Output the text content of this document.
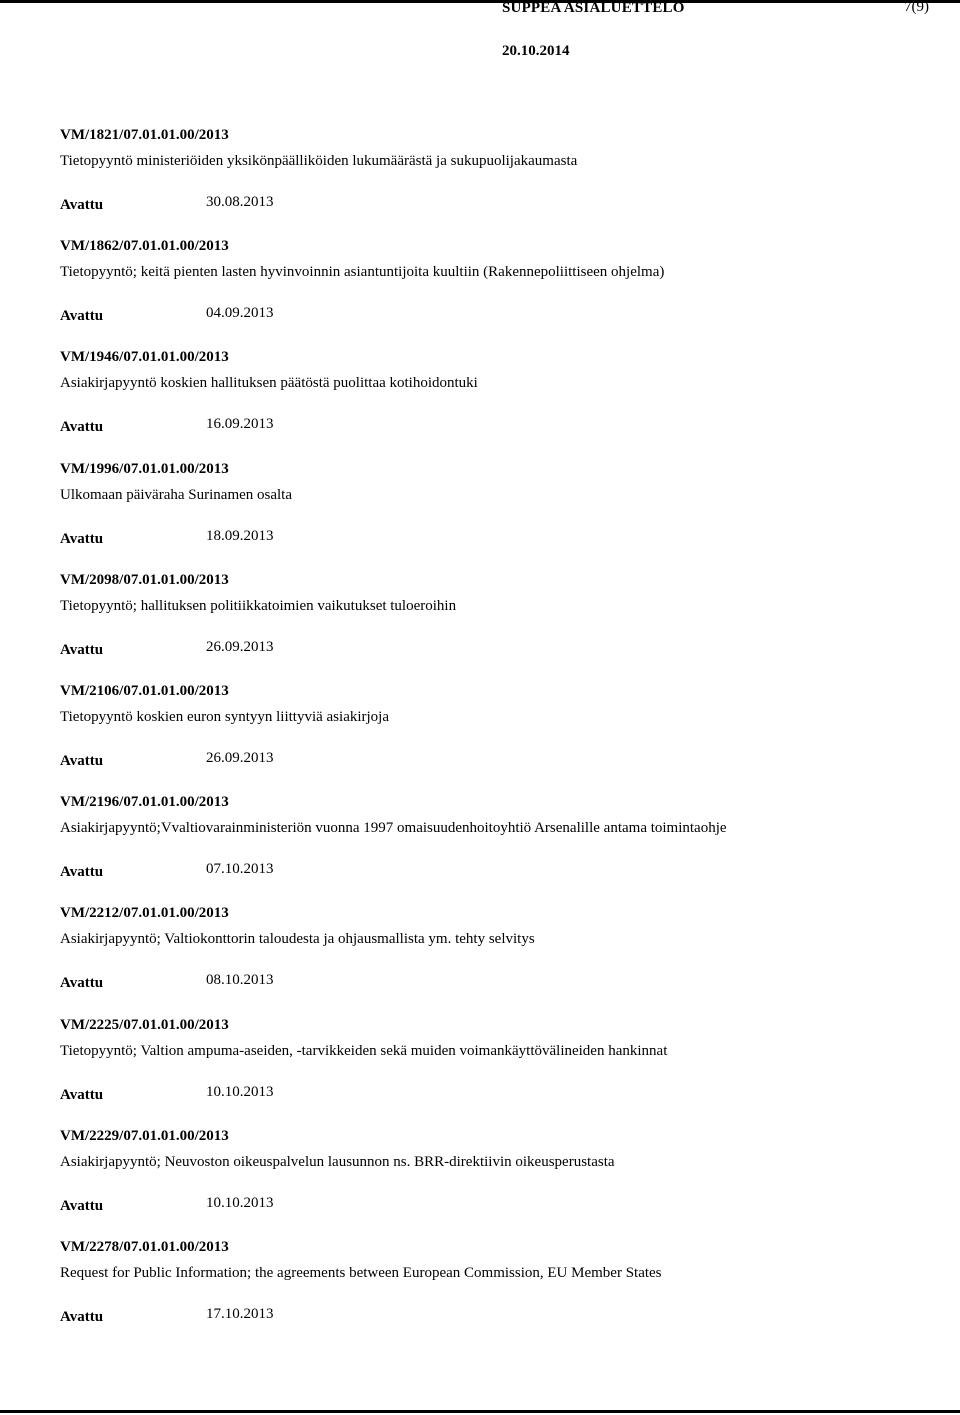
SUPPEA ASIALUETTELO	7(9)
20.10.2014
VM/1821/07.01.01.00/2013
Tietopyyntö ministeriöiden yksikönpäälliköiden lukumäärästä ja sukupuolijakaumasta
Avattu	30.08.2013
VM/1862/07.01.01.00/2013
Tietopyyntö; keitä pienten lasten hyvinvoinnin asiantuntijoita kuultiin (Rakennepoliittiseen ohjelma)
Avattu	04.09.2013
VM/1946/07.01.01.00/2013
Asiakirjapyyntö koskien hallituksen päätöstä puolittaa kotihoidontuki
Avattu	16.09.2013
VM/1996/07.01.01.00/2013
Ulkomaan päiväraha Surinamen osalta
Avattu	18.09.2013
VM/2098/07.01.01.00/2013
Tietopyyntö; hallituksen politiikkatoimien vaikutukset tuloeroihin
Avattu	26.09.2013
VM/2106/07.01.01.00/2013
Tietopyyntö koskien euron syntyyn liittyviä asiakirjoja
Avattu	26.09.2013
VM/2196/07.01.01.00/2013
Asiakirjapyyntö;Vvaltiovarainministeriön vuonna 1997 omaisuudenhoitoyhtiö Arsenalille antama toimintaohje
Avattu	07.10.2013
VM/2212/07.01.01.00/2013
Asiakirjapyyntö; Valtiokonttorin taloudesta ja ohjausmallista ym. tehty selvitys
Avattu	08.10.2013
VM/2225/07.01.01.00/2013
Tietopyyntö; Valtion ampuma-aseiden, -tarvikkeiden sekä muiden voimankäyttövälineiden hankinnat
Avattu	10.10.2013
VM/2229/07.01.01.00/2013
Asiakirjapyyntö; Neuvoston oikeuspalvelun lausunnon ns. BRR-direktiivin oikeusperustasta
Avattu	10.10.2013
VM/2278/07.01.01.00/2013
Request for Public Information; the agreements between European Commission, EU Member States
Avattu	17.10.2013
